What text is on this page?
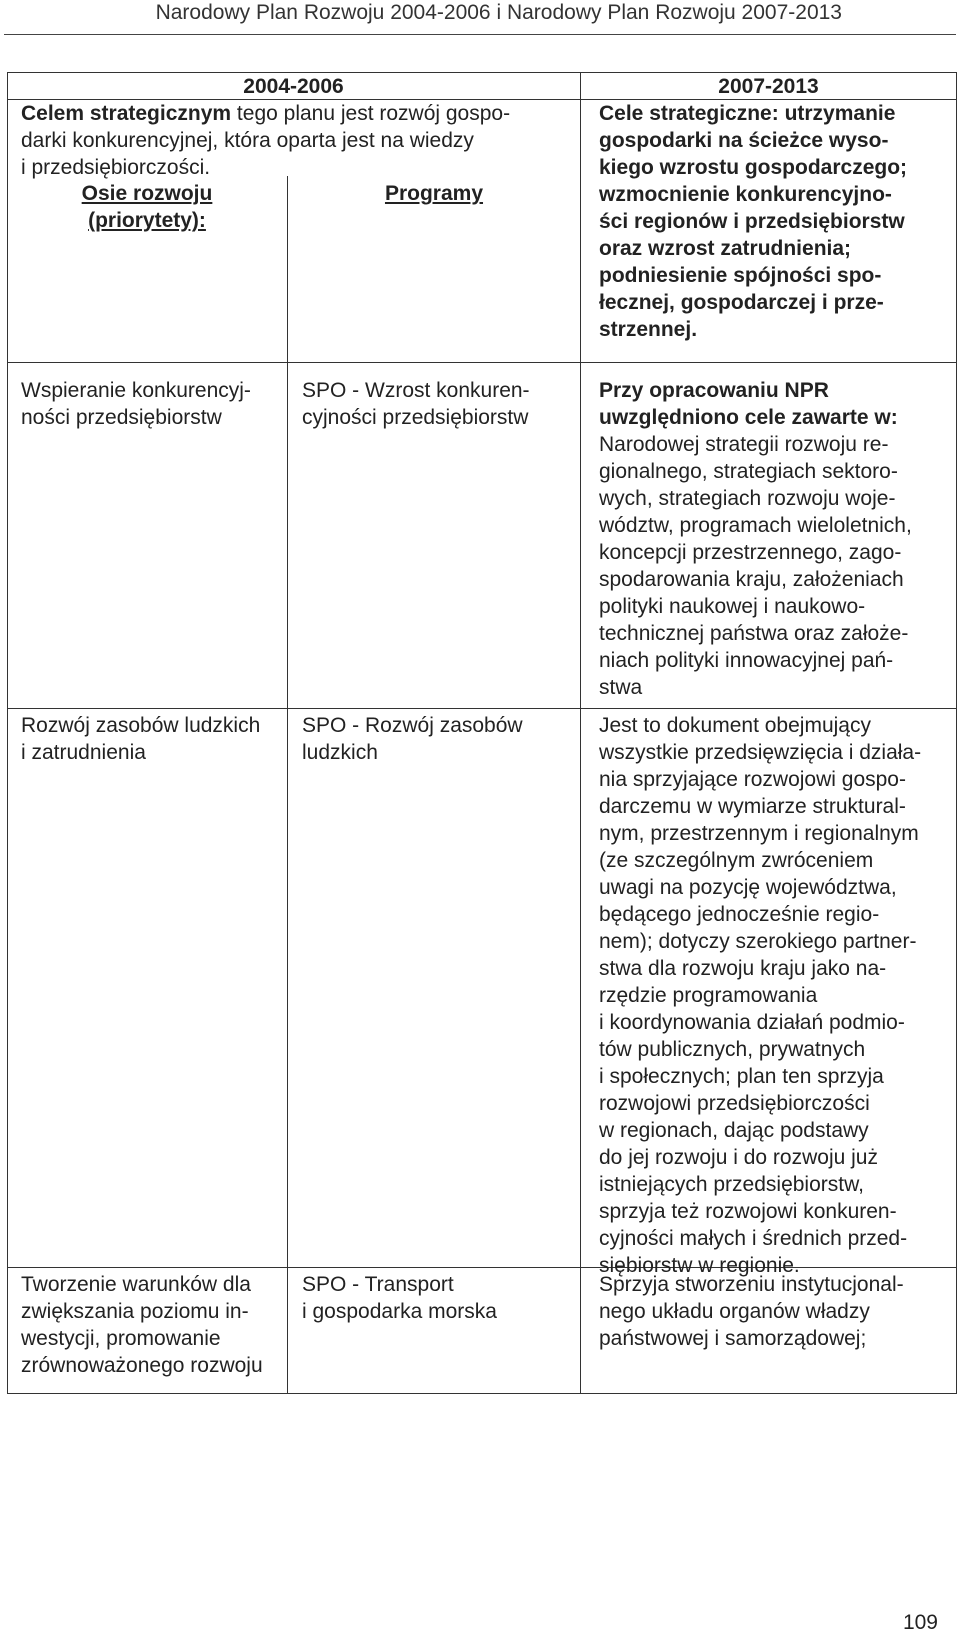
Narodowy Plan Rozwoju 2004-2006 i Narodowy Plan Rozwoju 2007-2013
2004-2006	2007-2013
Celem strategicznym tego planu jest rozwój gospo-
darki konkurencyjnej, która oparta jest na wiedzy
i przedsiębiorczości.
Osie rozwoju
(priorytety):
Programy
Cele strategiczne: utrzymanie
gospodarki na ścieżce wyso-
kiego wzrostu gospodarczego;
wzmocnienie konkurencyjno-
ści regionów i przedsiębiorstw
oraz wzrost zatrudnienia;
podniesienie spójności spo-
łecznej, gospodarczej i prze-
strzennej.
Wspieranie konkurencyj-
ności przedsiębiorstw
SPO - Wzrost konkuren-
cyjności przedsiębiorstw
Przy opracowaniu NPR
uwzględniono cele zawarte w:
Narodowej strategii rozwoju re-
gionalnego, strategiach sektoro-
wych, strategiach rozwoju woje-
wództw, programach wieloletnich,
koncepcji przestrzennego, zago-
spodarowania kraju, założeniach
polityki naukowej i naukowo-
technicznej państwa oraz założe-
niach polityki innowacyjnej pań-
stwa
Rozwój zasobów ludzkich
i zatrudnienia
SPO - Rozwój zasobów
ludzkich
Jest to dokument obejmujący
wszystkie przedsięwzięcia i działa-
nia sprzyjające rozwojowi gospo-
darczemu w wymiarze struktural-
nym, przestrzennym i regionalnym
(ze szczególnym zwróceniem
uwagi na pozycję województwa,
będącego jednocześnie regio-
nem); dotyczy szerokiego partner-
stwa dla rozwoju kraju jako na-
rzędzie programowania
i koordynowania działań podmio-
tów publicznych, prywatnych
i społecznych; plan ten sprzyja
rozwojowi przedsiębiorczości
w regionach, dając podstawy
do jej rozwoju i do rozwoju już
istniejących przedsiębiorstw,
sprzyja też rozwojowi konkuren-
cyjności małych i średnich przed-
siębiorstw w regionie.
Tworzenie warunków dla
zwiększania poziomu in-
westycji, promowanie
zrównoważonego rozwoju
SPO - Transport
i gospodarka morska
Sprzyja stworzeniu instytucjonal-
nego układu organów władzy
państwowej i samorządowej;
109
